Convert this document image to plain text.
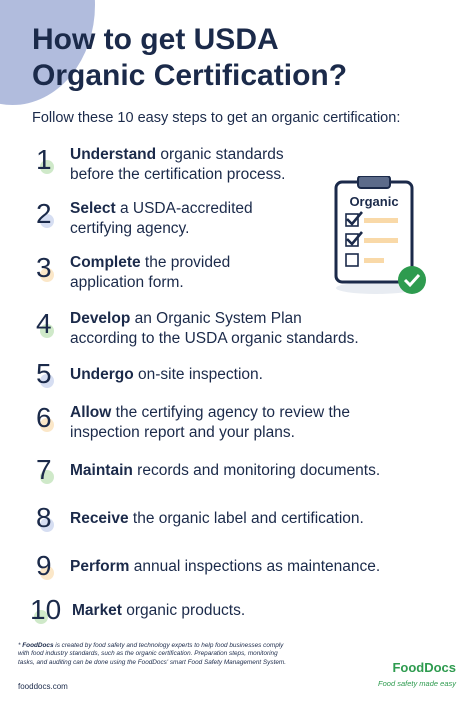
How to get USDA
Organic Certification?

Follow these 10 easy steps to get an organic certification:

1	Understand organic standards
before the certification process.
2	Select a USDA-accredited
certifying agency.
3	Complete the provided
application form.
4	Develop an Organic System Plan
according to the USDA organic standards.
5	Undergo on-site inspection.
6	Allow the certifying agency to review the
inspection report and your plans.
7	Maintain records and monitoring documents.
8	Receive the organic label and certification.
9	Perform annual inspections as maintenance.
10 Market organic products.
Organic
* FoodDocs is created by food safety and technology experts to help food businesses comply
with food industry standards, such as the organic certification. Preparation steps, monitoring
tasks, and auditing can be done using the FoodDocs' smart Food Safety Management System.
fooddocs.com
FoodDocs
Food safety made easy
